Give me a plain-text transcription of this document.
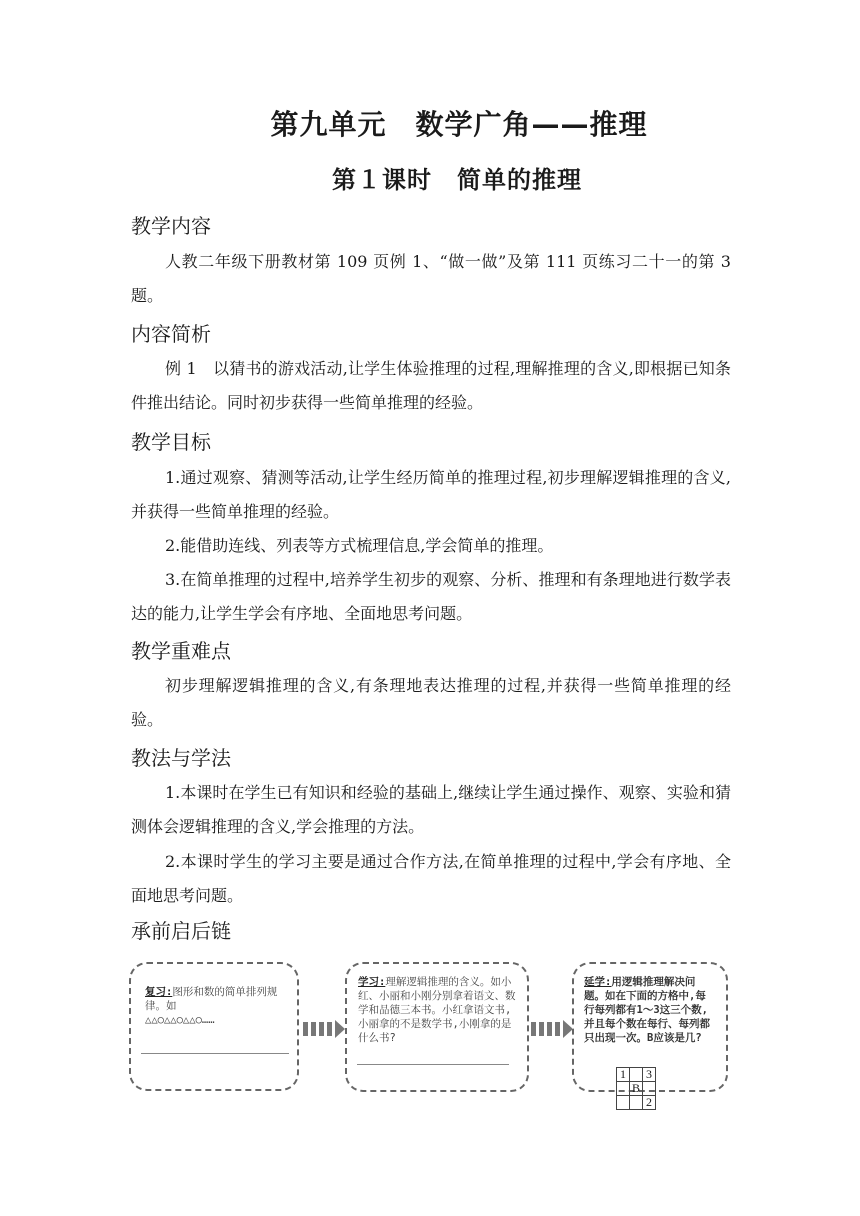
第九单元　数学广角——推理
第１课时　简单的推理
教学内容
人教二年级下册教材第 109 页例 1、“做一做”及第 111 页练习二十一的第 3 题。
内容简析
例 1　以猜书的游戏活动,让学生体验推理的过程,理解推理的含义,即根据已知条件推出结论。同时初步获得一些简单推理的经验。
教学目标
1.通过观察、猜测等活动,让学生经历简单的推理过程,初步理解逻辑推理的含义,并获得一些简单推理的经验。
2.能借助连线、列表等方式梳理信息,学会简单的推理。
3.在简单推理的过程中,培养学生初步的观察、分析、推理和有条理地进行数学表达的能力,让学生学会有序地、全面地思考问题。
教学重难点
初步理解逻辑推理的含义,有条理地表达推理的过程,并获得一些简单推理的经验。
教法与学法
1.本课时在学生已有知识和经验的基础上,继续让学生通过操作、观察、实验和猜测体会逻辑推理的含义,学会推理的方法。
2.本课时学生的学习主要是通过合作方法,在简单推理的过程中,学会有序地、全面地思考问题。
承前启后链
复习:图形和数的简单排列规律。如
△△○△△○△△○……
学习:理解逻辑推理的含义。如小红、小丽和小刚分别拿着语文、数学和品德三本书。小红拿语文书,小丽拿的不是数学书,小刚拿的是什么书?
延学:用逻辑推理解决问题。如在下面的方格中,每行每列都有1～3这三个数,并且每个数在每行、每列都只出现一次。B应该是几?
1		3
	B	
		2
